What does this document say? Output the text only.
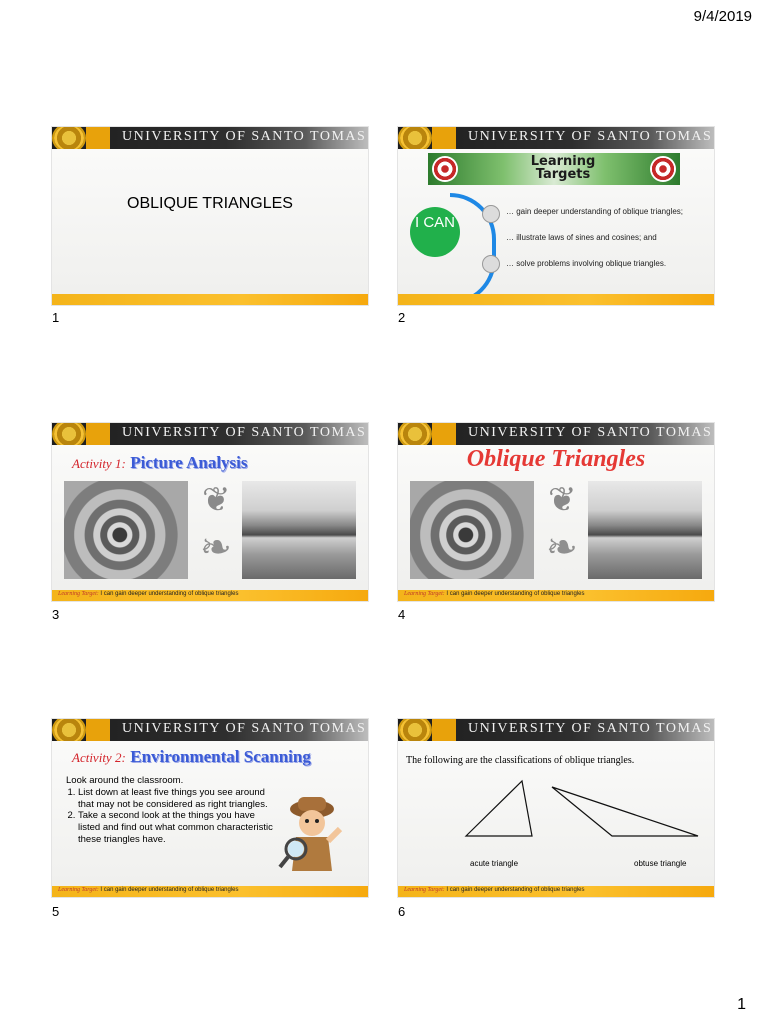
9/4/2019
UNIVERSITY OF SANTO TOMAS
OBLIQUE TRIANGLES
1
UNIVERSITY OF SANTO TOMAS
Learning Targets
I CAN
… gain deeper understanding of oblique triangles;
… illustrate laws of sines and cosines; and
… solve problems involving oblique triangles.
2
UNIVERSITY OF SANTO TOMAS
Activity 1: Picture Analysis
❦
❧
Learning Target: I can gain deeper understanding of oblique triangles
3
UNIVERSITY OF SANTO TOMAS
Oblique Triangles
❦
❧
Learning Target: I can gain deeper understanding of oblique triangles
4
UNIVERSITY OF SANTO TOMAS
Activity 2: Environmental Scanning
Look around the classroom.
1. List down at least five things you see around that may not be considered as right triangles.
2. Take a second look at the things you have listed and find out what common characteristic these triangles have.
Learning Target: I can gain deeper understanding of oblique triangles
5
UNIVERSITY OF SANTO TOMAS
The following are the classifications of oblique triangles.
acute triangle	obtuse triangle
Learning Target: I can gain deeper understanding of oblique triangles
6
1
